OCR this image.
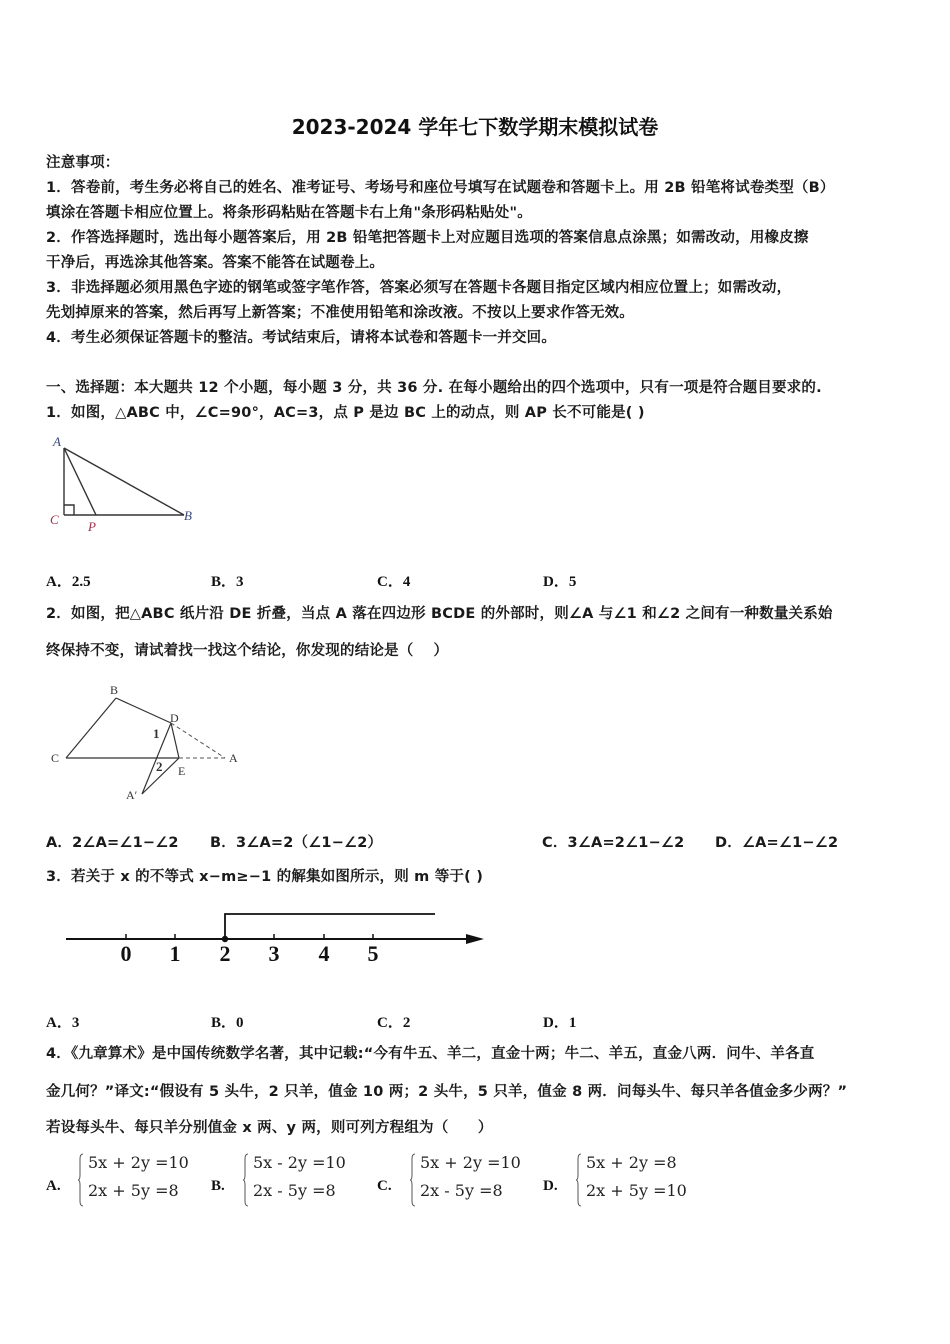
2023-2024 学年七下数学期末模拟试卷
注意事项：
1．答卷前，考生务必将自己的姓名、准考证号、考场号和座位号填写在试题卷和答题卡上。用 2B 铅笔将试卷类型（B）
填涂在答题卡相应位置上。将条形码粘贴在答题卡右上角"条形码粘贴处"。
2．作答选择题时，选出每小题答案后，用 2B 铅笔把答题卡上对应题目选项的答案信息点涂黑；如需改动，用橡皮擦
干净后，再选涂其他答案。答案不能答在试题卷上。
3．非选择题必须用黑色字迹的钢笔或签字笔作答，答案必须写在答题卡各题目指定区域内相应位置上；如需改动，
先划掉原来的答案，然后再写上新答案；不准使用铅笔和涂改液。不按以上要求作答无效。
4．考生必须保证答题卡的整洁。考试结束后，请将本试卷和答题卡一并交回。
一、选择题：本大题共 12 个小题，每小题 3 分，共 36 分. 在每小题给出的四个选项中，只有一项是符合题目要求的.
1．如图，△ABC 中，∠C=90°，AC=3，点 P 是边 BC 上的动点，则 AP 长不可能是( )
A
C P
B
A．2.5	B．3	C．4	D．5
2．如图，把△ABC 纸片沿 DE 折叠，当点 A 落在四边形 BCDE 的外部时，则∠A 与∠1 和∠2 之间有一种数量关系始
终保持不变，请试着找一找这个结论，你发现的结论是（　 ）
B
C
D
E
A
A′
1
2
A．2∠A=∠1−∠2 B．3∠A=2（∠1−∠2）	C．3∠A=2∠1−∠2 D．∠A=∠1−∠2
3．若关于 x 的不等式 x−m≥−1 的解集如图所示，则 m 等于( )
0 1 2 3 4 5
A．3	B．0	C．2	D．1
4．《九章算术》是中国传统数学名著，其中记载:“今有牛五、羊二，直金十两；牛二、羊五，直金八两．问牛、羊各直
金几何？”译文:“假设有 5 头牛，2 只羊，值金 10 两；2 头牛，5 只羊，值金 8 两．问每头牛、每只羊各值金多少两？”
若设每头牛、每只羊分别值金 x 两、y 两，则可列方程组为（　　）
A.
5x + 2y =10
2x + 5y =8 B.
5x - 2y =10
2x - 5y =8	C.
5x + 2y =10
2x - 5y =8	D.
5x + 2y =8
2x + 5y =10
